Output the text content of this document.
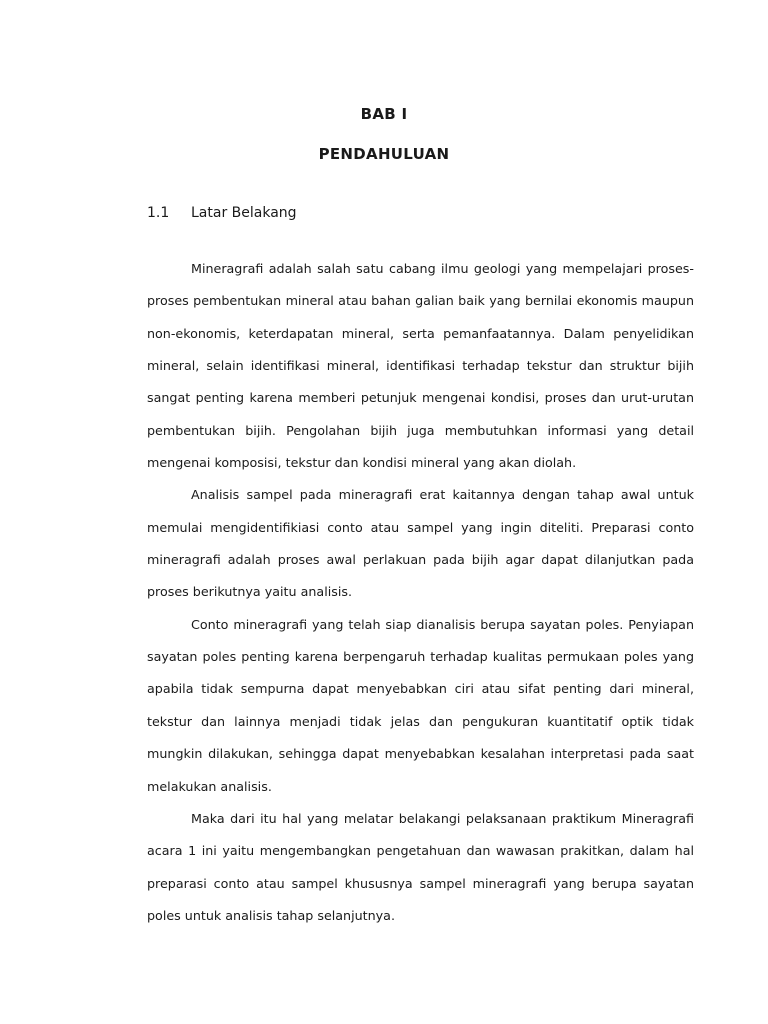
BAB I
PENDAHULUAN
1.1 Latar Belakang

Mineragrafi adalah salah satu cabang ilmu geologi yang mempelajari proses-proses pembentukan mineral atau bahan galian baik yang bernilai ekonomis maupun non-ekonomis, keterdapatan mineral, serta pemanfaatannya. Dalam penyelidikan mineral, selain identifikasi mineral, identifikasi terhadap tekstur dan struktur bijih sangat penting karena memberi petunjuk mengenai kondisi, proses dan urut-urutan pembentukan bijih. Pengolahan bijih juga membutuhkan informasi yang detail mengenai komposisi, tekstur dan kondisi mineral yang akan diolah.

Analisis sampel pada mineragrafi erat kaitannya dengan tahap awal untuk memulai mengidentifikiasi conto atau sampel yang ingin diteliti. Preparasi conto mineragrafi adalah proses awal perlakuan pada bijih agar dapat dilanjutkan pada proses berikutnya yaitu analisis.

Conto mineragrafi yang telah siap dianalisis berupa sayatan poles. Penyiapan sayatan poles penting karena berpengaruh terhadap kualitas permukaan poles yang apabila tidak sempurna dapat menyebabkan ciri atau sifat penting dari mineral, tekstur dan lainnya menjadi tidak jelas dan pengukuran kuantitatif optik tidak mungkin dilakukan, sehingga dapat menyebabkan kesalahan interpretasi pada saat melakukan analisis.

Maka dari itu hal yang melatar belakangi pelaksanaan praktikum Mineragrafi acara 1 ini yaitu mengembangkan pengetahuan dan wawasan prakitkan, dalam hal preparasi conto atau sampel khususnya sampel mineragrafi yang berupa sayatan poles untuk analisis tahap selanjutnya.
